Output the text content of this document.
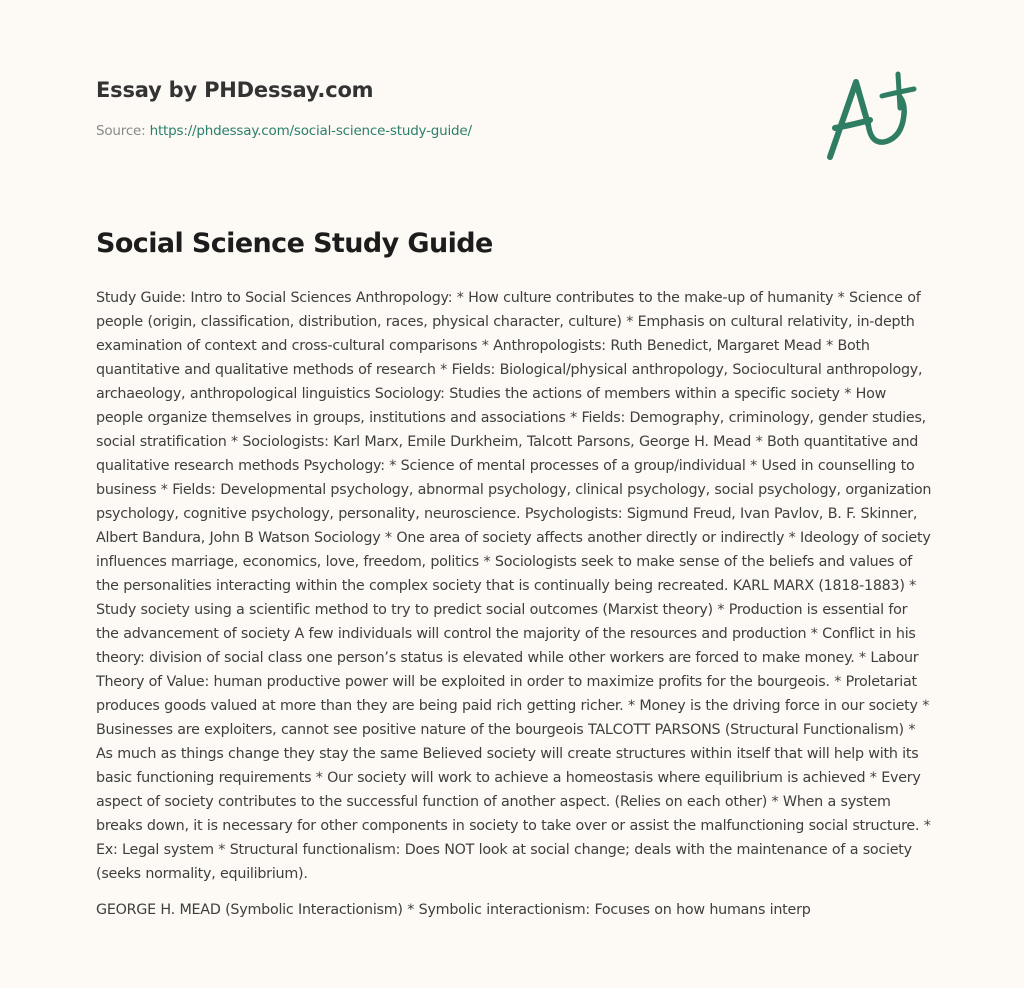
Essay by PHDessay.com
Source: https://phdessay.com/social-science-study-guide/
Social Science Study Guide

Study Guide: Intro to Social Sciences Anthropology: * How culture contributes to the make-up of humanity * Science of people (origin, classification, distribution, races, physical character, culture) * Emphasis on cultural relativity, in-depth examination of context and cross-cultural comparisons * Anthropologists: Ruth Benedict, Margaret Mead * Both quantitative and qualitative methods of research * Fields: Biological/physical anthropology, Sociocultural anthropology, archaeology, anthropological linguistics Sociology: Studies the actions of members within a specific society * How people organize themselves in groups, institutions and associations * Fields: Demography, criminology, gender studies, social stratification * Sociologists: Karl Marx, Emile Durkheim, Talcott Parsons, George H. Mead * Both quantitative and qualitative research methods Psychology: * Science of mental processes of a group/individual * Used in counselling to business * Fields: Developmental psychology, abnormal psychology, clinical psychology, social psychology, organization psychology, cognitive psychology, personality, neuroscience. Psychologists: Sigmund Freud, Ivan Pavlov, B. F. Skinner, Albert Bandura, John B Watson Sociology * One area of society affects another directly or indirectly * Ideology of society influences marriage, economics, love, freedom, politics * Sociologists seek to make sense of the beliefs and values of the personalities interacting within the complex society that is continually being recreated. KARL MARX (1818-1883) * Study society using a scientific method to try to predict social outcomes (Marxist theory) * Production is essential for the advancement of society A few individuals will control the majority of the resources and production * Conflict in his theory: division of social class one person’s status is elevated while other workers are forced to make money. * Labour Theory of Value: human productive power will be exploited in order to maximize profits for the bourgeois. * Proletariat produces goods valued at more than they are being paid rich getting richer. * Money is the driving force in our society * Businesses are exploiters, cannot see positive nature of the bourgeois TALCOTT PARSONS (Structural Functionalism) * As much as things change they stay the same Believed society will create structures within itself that will help with its basic functioning requirements * Our society will work to achieve a homeostasis where equilibrium is achieved * Every aspect of society contributes to the successful function of another aspect. (Relies on each other) * When a system breaks down, it is necessary for other components in society to take over or assist the malfunctioning social structure. * Ex: Legal system * Structural functionalism: Does NOT look at social change; deals with the maintenance of a society (seeks normality, equilibrium).

GEORGE H. MEAD (Symbolic Interactionism) * Symbolic interactionism: Focuses on how humans interp
